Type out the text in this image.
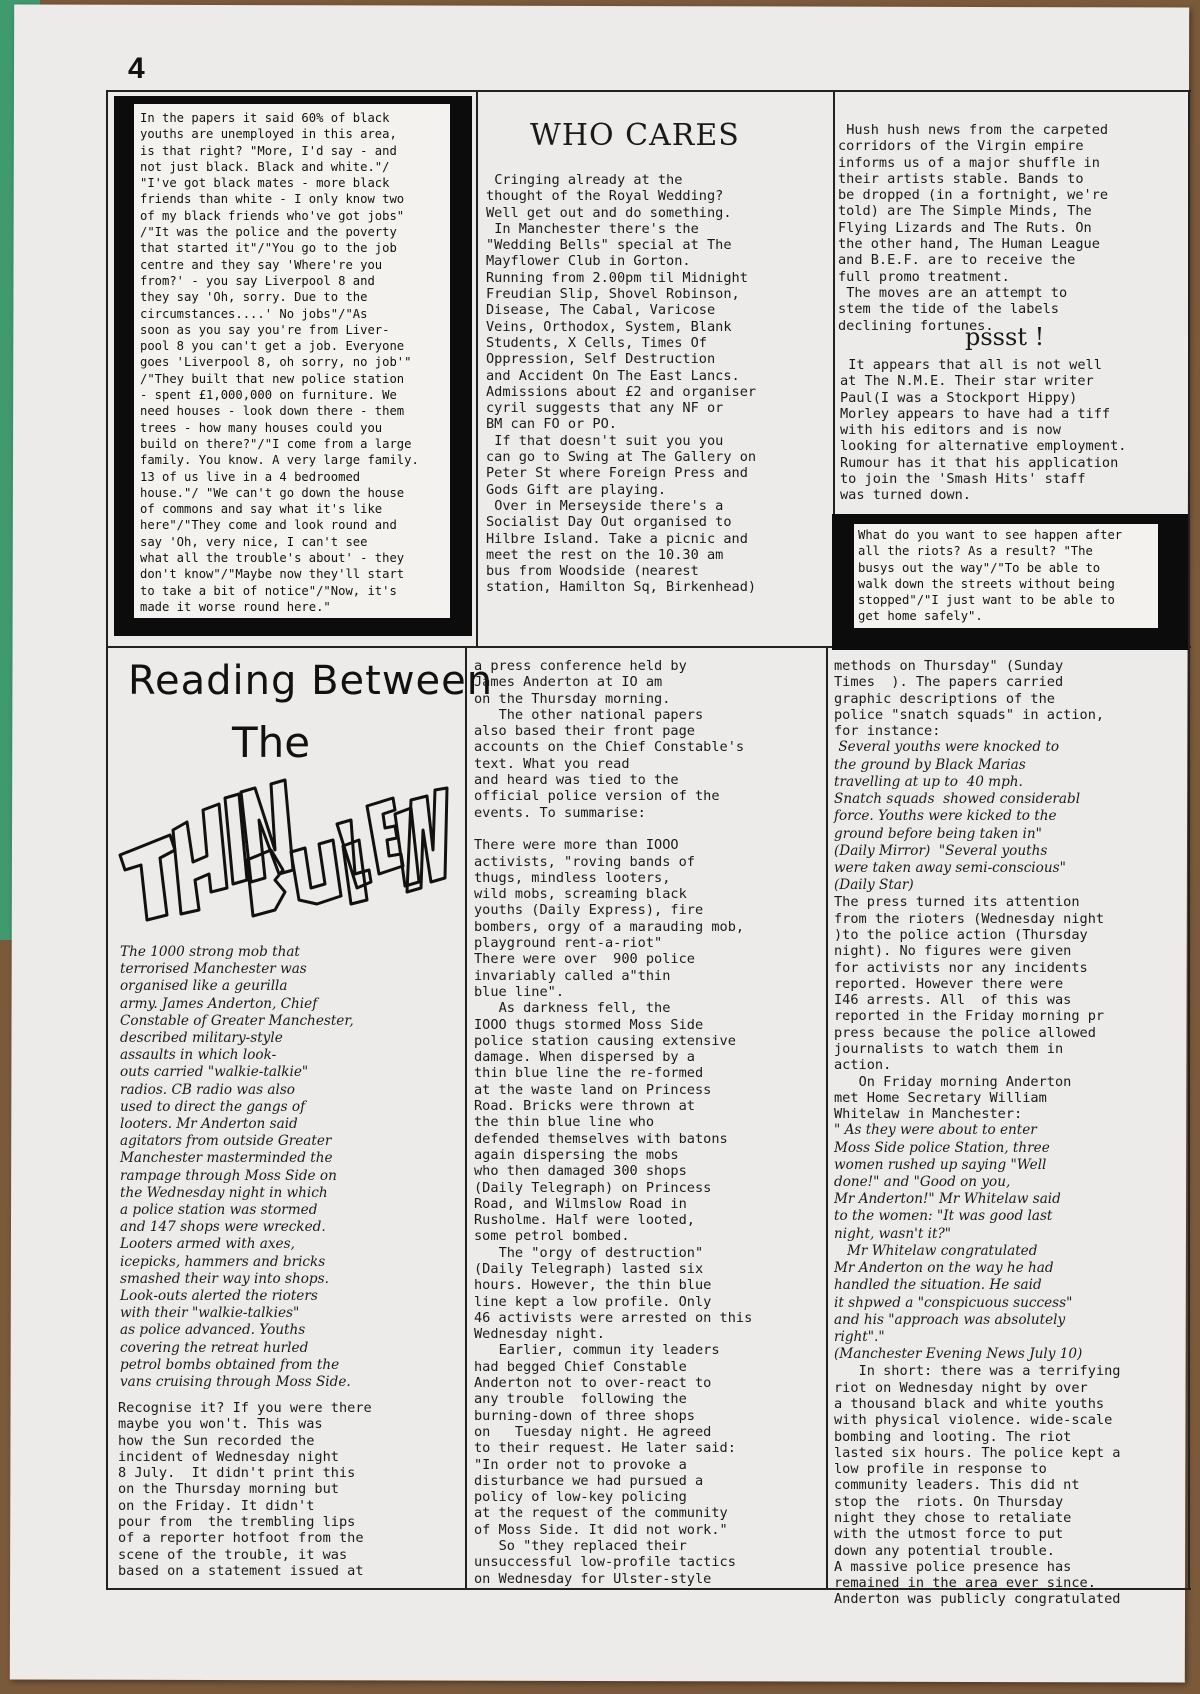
4
In the papers it said 60% of black
youths are unemployed in this area,
is that right? "More, I'd say - and
not just black. Black and white."/
"I've got black mates - more black
friends than white - I only know two
of my black friends who've got jobs"
/"It was the police and the poverty
that started it"/"You go to the job
centre and they say 'Where're you
from?' - you say Liverpool 8 and
they say 'Oh, sorry. Due to the
circumstances....' No jobs"/"As
soon as you say you're from Liver-
pool 8 you can't get a job. Everyone
goes 'Liverpool 8, oh sorry, no job'"
/"They built that new police station
- spent £1,000,000 on furniture. We
need houses - look down there - them
trees - how many houses could you
build on there?"/"I come from a large
family. You know. A very large family.
13 of us live in a 4 bedroomed
house."/ "We can't go down the house
of commons and say what it's like
here"/"They come and look round and
say 'Oh, very nice, I can't see
what all the trouble's about' - they
don't know"/"Maybe now they'll start
to take a bit of notice"/"Now, it's
made it worse round here."
WHO CARES
Cringing already at the
thought of the Royal Wedding?
Well get out and do something.
In Manchester there's the
"Wedding Bells" special at The
Mayflower Club in Gorton.
Running from 2.00pm til Midnight
Freudian Slip, Shovel Robinson,
Disease, The Cabal, Varicose
Veins, Orthodox, System, Blank
Students, X Cells, Times Of
Oppression, Self Destruction
and Accident On The East Lancs.
Admissions about £2 and organiser
cyril suggests that any NF or
BM can FO or PO.
If that doesn't suit you you
can go to Swing at The Gallery on
Peter St where Foreign Press and
Gods Gift are playing.
Over in Merseyside there's a
Socialist Day Out organised to
Hilbre Island. Take a picnic and
meet the rest on the 10.30 am
bus from Woodside (nearest
station, Hamilton Sq, Birkenhead)
Hush hush news from the carpeted
corridors of the Virgin empire
informs us of a major shuffle in
their artists stable. Bands to
be dropped (in a fortnight, we're
told) are The Simple Minds, The
Flying Lizards and The Ruts. On
the other hand, The Human League
and B.E.F. are to receive the
full promo treatment.
The moves are an attempt to
stem the tide of the labels
declining fortunes.
pssst !
It appears that all is not well
at The N.M.E. Their star writer
Paul(I was a Stockport Hippy)
Morley appears to have had a tiff
with his editors and is now
looking for alternative employment.
Rumour has it that his application
to join the 'Smash Hits' staff
was turned down.
What do you want to see happen after
all the riots? As a result? "The
busys out the way"/"To be able to
walk down the streets without being
stopped"/"I just want to be able to
get home safely".
Reading Between
The
The 1000 strong mob that
terrorised Manchester was
organised like a geurilla
army. James Anderton, Chief
Constable of Greater Manchester,
described military-style
assaults in which look-
outs carried "walkie-talkie"
radios. CB radio was also
used to direct the gangs of
looters. Mr Anderton said
agitators from outside Greater
Manchester masterminded the
rampage through Moss Side on
the Wednesday night in which
a police station was stormed
and 147 shops were wrecked.
Looters armed with axes,
icepicks, hammers and bricks
smashed their way into shops.
Look-outs alerted the rioters
with their "walkie-talkies"
as police advanced. Youths
covering the retreat hurled
petrol bombs obtained from the
vans cruising through Moss Side.
Recognise it? If you were there
maybe you won't. This was
how the Sun recorded the
incident of Wednesday night
8 July.  It didn't print this
on the Thursday morning but
on the Friday. It didn't
pour from  the trembling lips
of a reporter hotfoot from the
scene of the trouble, it was
based on a statement issued at
a press conference held by
James Anderton at IO am
on the Thursday morning.
The other national papers
also based their front page
accounts on the Chief Constable's
text. What you read
and heard was tied to the
official police version of the
events. To summarise:

There were more than IOOO
activists, "roving bands of
thugs, mindless looters,
wild mobs, screaming black
youths (Daily Express), fire
bombers, orgy of a marauding mob,
playground rent-a-riot"
There were over  900 police
invariably called a"thin
blue line".
As darkness fell, the
IOOO thugs stormed Moss Side
police station causing extensive
damage. When dispersed by a
thin blue line the re-formed
at the waste land on Princess
Road. Bricks were thrown at
the thin blue line who
defended themselves with batons
again dispersing the mobs
who then damaged 300 shops
(Daily Telegraph) on Princess
Road, and Wilmslow Road in
Rusholme. Half were looted,
some petrol bombed.
The "orgy of destruction"
(Daily Telegraph) lasted six
hours. However, the thin blue
line kept a low profile. Only
46 activists were arrested on this
Wednesday night.
Earlier, commun ity leaders
had begged Chief Constable
Anderton not to over-react to
any trouble  following the
burning-down of three shops
on   Tuesday night. He agreed
to their request. He later said:
"In order not to provoke a
disturbance we had pursued a
policy of low-key policing
at the request of the community
of Moss Side. It did not work."
So "they replaced their
unsuccessful low-profile tactics
on Wednesday for Ulster-style
methods on Thursday" (Sunday
Times  ). The papers carried
graphic descriptions of the
police "snatch squads" in action,
for instance:
Several youths were knocked to
the ground by Black Marias
travelling at up to  40 mph.
Snatch squads  showed considerabl
force. Youths were kicked to the
ground before being taken in"
(Daily Mirror)  "Several youths
were taken away semi-conscious"
(Daily Star)
The press turned its attention
from the rioters (Wednesday night
)to the police action (Thursday
night). No figures were given
for activists nor any incidents
reported. However there were
I46 arrests. All  of this was
reported in the Friday morning pr
press because the police allowed
journalists to watch them in
action.
On Friday morning Anderton
met Home Secretary William
Whitelaw in Manchester:
" As they were about to enter
Moss Side police Station, three
women rushed up saying "Well
done!" and "Good on you,
Mr Anderton!" Mr Whitelaw said
to the women: "It was good last
night, wasn't it?"
Mr Whitelaw congratulated
Mr Anderton on the way he had
handled the situation. He said
it shpwed a "conspicuous success"
and his "approach was absolutely
right"."
(Manchester Evening News July 10)
In short: there was a terrifying
riot on Wednesday night by over
a thousand black and white youths
with physical violence. wide-scale
bombing and looting. The riot
lasted six hours. The police kept a
low profile in response to
community leaders. This did nt
stop the  riots. On Thursday
night they chose to retaliate
with the utmost force to put
down any potential trouble.
A massive police presence has
remained in the area ever since.
Anderton was publicly congratulated
